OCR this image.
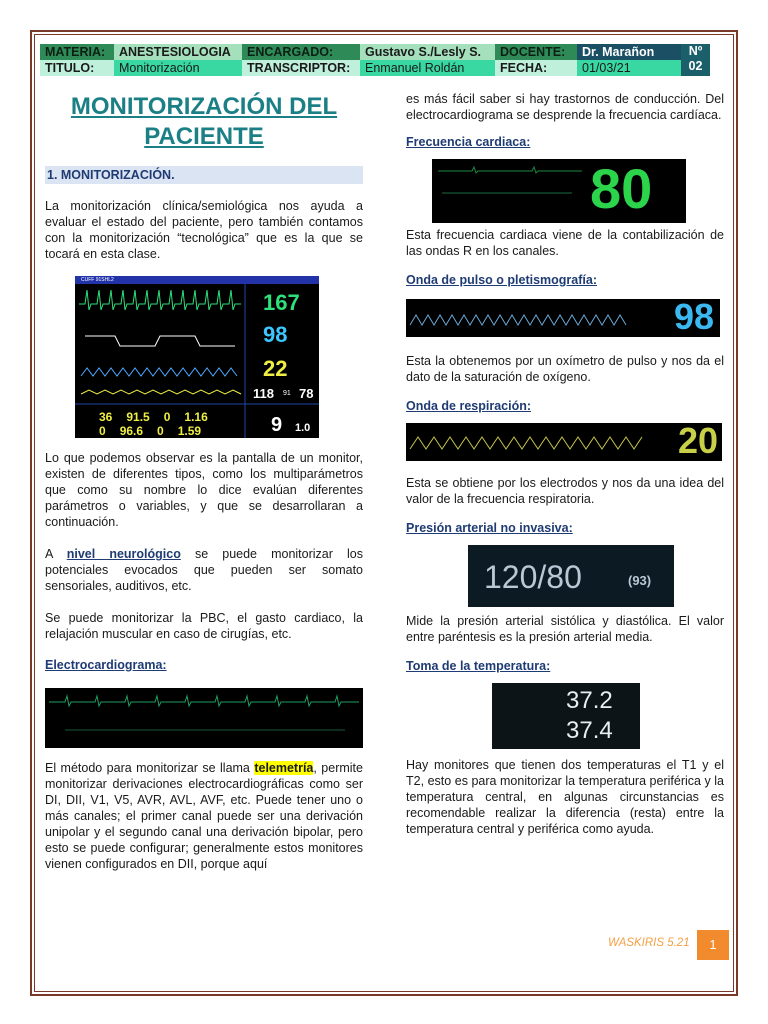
MATERIA:	ANESTESIOLOGIA	ENCARGADO:	Gustavo S./Lesly S.	DOCENTE:	Dr. Marañon	Nº
02
TITULO:	Monitorización	TRANSCRIPTOR:	Enmanuel Roldán	FECHA:	01/03/21
MONITORIZACIÓN DEL
PACIENTE
1. MONITORIZACIÓN.

La monitorización clínica/semiológica nos ayuda a evaluar el estado del paciente, pero también contamos con la monitorización “tecnológica” que es la que se tocará en esta clase.

CUFF 91SHL2
167
98
22
118 91 78
36 91.5 0 1.16
0 96.6 0 1.59	9 1.0

Lo que podemos observar es la pantalla de un monitor, existen de diferentes tipos, como los multiparámetros que como su nombre lo dice evalúan diferentes parámetros o variables, y que se desarrollaran a continuación.

A nivel neurológico se puede monitorizar los potenciales evocados que pueden ser somato sensoriales, auditivos, etc.

Se puede monitorizar la PBC, el gasto cardiaco, la relajación muscular en caso de cirugías, etc.

Electrocardiograma:

El método para monitorizar se llama telemetría, permite monitorizar derivaciones electrocardiográficas como ser DI, DII, V1, V5, AVR, AVL, AVF, etc. Puede tener uno o más canales; el primer canal puede ser una derivación unipolar y el segundo canal una derivación bipolar, pero esto se puede configurar; generalmente estos monitores vienen configurados en DII, porque aquí

es más fácil saber si hay trastornos de conducción. Del electrocardiograma se desprende la frecuencia cardíaca.

Frecuencia cardiaca:
80

Esta frecuencia cardiaca viene de la contabilización de las ondas R en los canales.

Onda de pulso o pletismografía:
98

Esta la obtenemos por un oxímetro de pulso y nos da el dato de la saturación de oxígeno.

Onda de respiración:
20

Esta se obtiene por los electrodos y nos da una idea del valor de la frecuencia respiratoria.

Presión arterial no invasiva:
120/80	(93)

Mide la presión arterial sistólica y diastólica. El valor entre paréntesis es la presión arterial media.

Toma de la temperatura:
37.2
37.4

Hay monitores que tienen dos temperaturas el T1 y el T2, esto es para monitorizar la temperatura periférica y la temperatura central, en algunas circunstancias es recomendable realizar la diferencia (resta) entre la temperatura central y periférica como ayuda.

WASKIRIS 5.21	1
